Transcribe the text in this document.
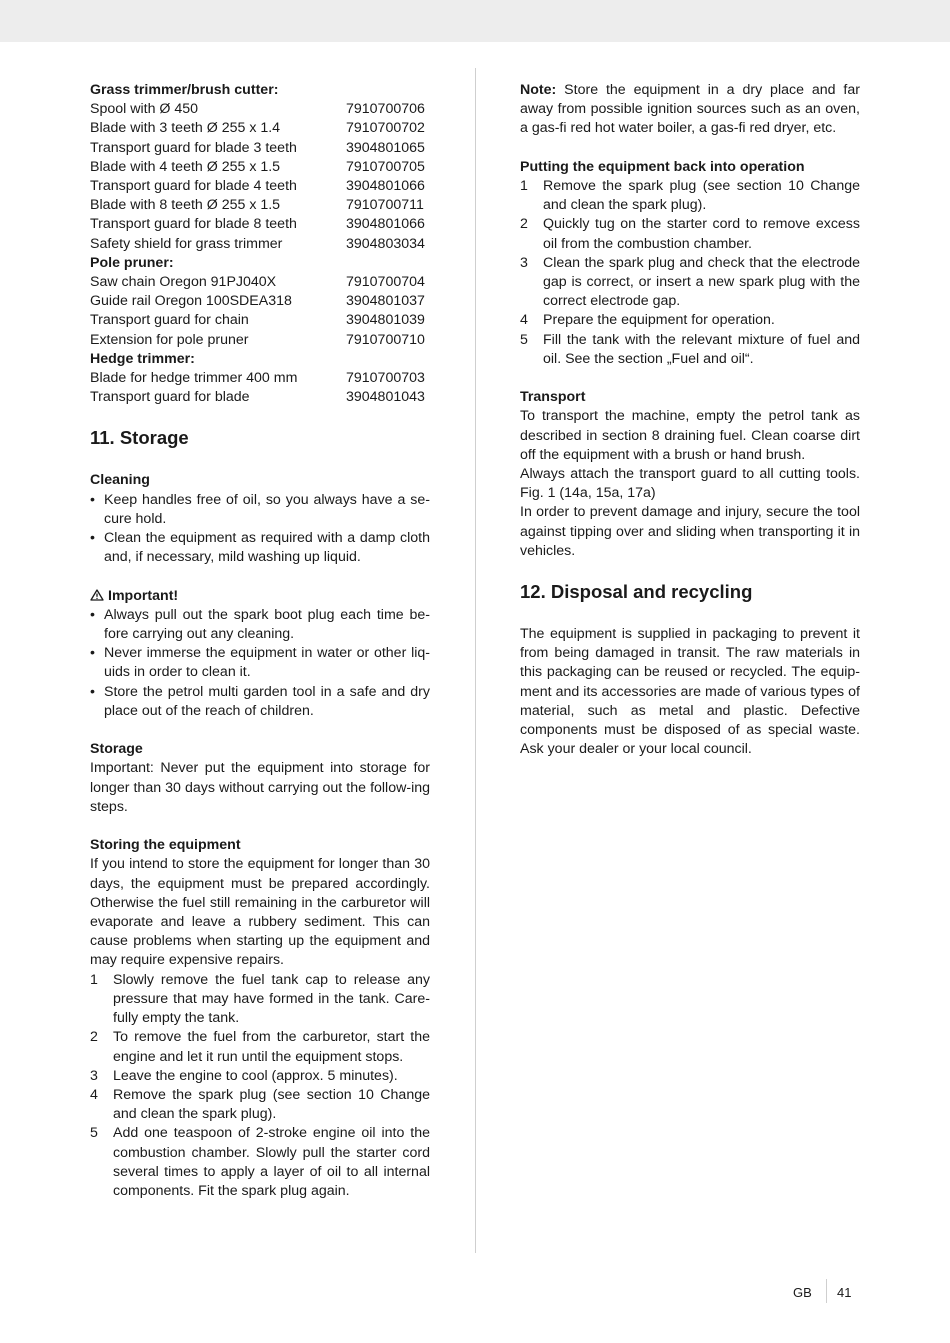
Grass trimmer/brush cutter:
Spool with Ø 450	7910700706
Blade with 3 teeth Ø 255 x 1.4	7910700702
Transport guard for blade 3 teeth	3904801065
Blade with 4 teeth Ø 255 x 1.5	7910700705
Transport guard for blade 4 teeth	3904801066
Blade with 8 teeth Ø 255 x 1.5	7910700711
Transport guard for blade 8 teeth	3904801066
Safety shield for grass trimmer	3904803034
Pole pruner:
Saw chain Oregon 91PJ040X	7910700704
Guide rail Oregon 100SDEA318	3904801037
Transport guard for chain	3904801039
Extension for pole pruner	7910700710
Hedge trimmer:
Blade for hedge trimmer 400 mm	7910700703
Transport guard for blade	3904801043
11. Storage
Cleaning
• Keep handles free of oil, so you always have a se-cure hold.
• Clean the equipment as required with a damp cloth and, if necessary, mild washing up liquid.
Important!
• Always pull out the spark boot plug each time be-fore carrying out any cleaning.
• Never immerse the equipment in water or other liq-uids in order to clean it.
• Store the petrol multi garden tool in a safe and dry place out of the reach of children.
Storage
Important: Never put the equipment into storage for longer than 30 days without carrying out the follow-ing steps.
Storing the equipment
If you intend to store the equipment for longer than 30 days, the equipment must be prepared accordingly. Otherwise the fuel still remaining in the carburetor will evaporate and leave a rubbery sediment. This can cause problems when starting up the equipment and may require expensive repairs.
1 Slowly remove the fuel tank cap to release any pressure that may have formed in the tank. Care-fully empty the tank.
2 To remove the fuel from the carburetor, start the engine and let it run until the equipment stops.
3 Leave the engine to cool (approx. 5 minutes).
4 Remove the spark plug (see section 10 Change and clean the spark plug).
5 Add one teaspoon of 2-stroke engine oil into the combustion chamber. Slowly pull the starter cord several times to apply a layer of oil to all internal components. Fit the spark plug again.
Note: Store the equipment in a dry place and far away from possible ignition sources such as an oven, a gas-fi red hot water boiler, a gas-fi red dryer, etc.
Putting the equipment back into operation
1 Remove the spark plug (see section 10 Change and clean the spark plug).
2 Quickly tug on the starter cord to remove excess oil from the combustion chamber.
3 Clean the spark plug and check that the electrode gap is correct, or insert a new spark plug with the correct electrode gap.
4 Prepare the equipment for operation.
5 Fill the tank with the relevant mixture of fuel and oil. See the section „Fuel and oil“.
Transport
To transport the machine, empty the petrol tank as described in section 8 draining fuel. Clean coarse dirt off the equipment with a brush or hand brush.
Always attach the transport guard to all cutting tools. Fig. 1 (14a, 15a, 17a)
In order to prevent damage and injury, secure the tool against tipping over and sliding when transporting it in vehicles.
12. Disposal and recycling
The equipment is supplied in packaging to prevent it from being damaged in transit. The raw materials in this packaging can be reused or recycled. The equip-ment and its accessories are made of various types of material, such as metal and plastic. Defective components must be disposed of as special waste. Ask your dealer or your local council.
GB 41
